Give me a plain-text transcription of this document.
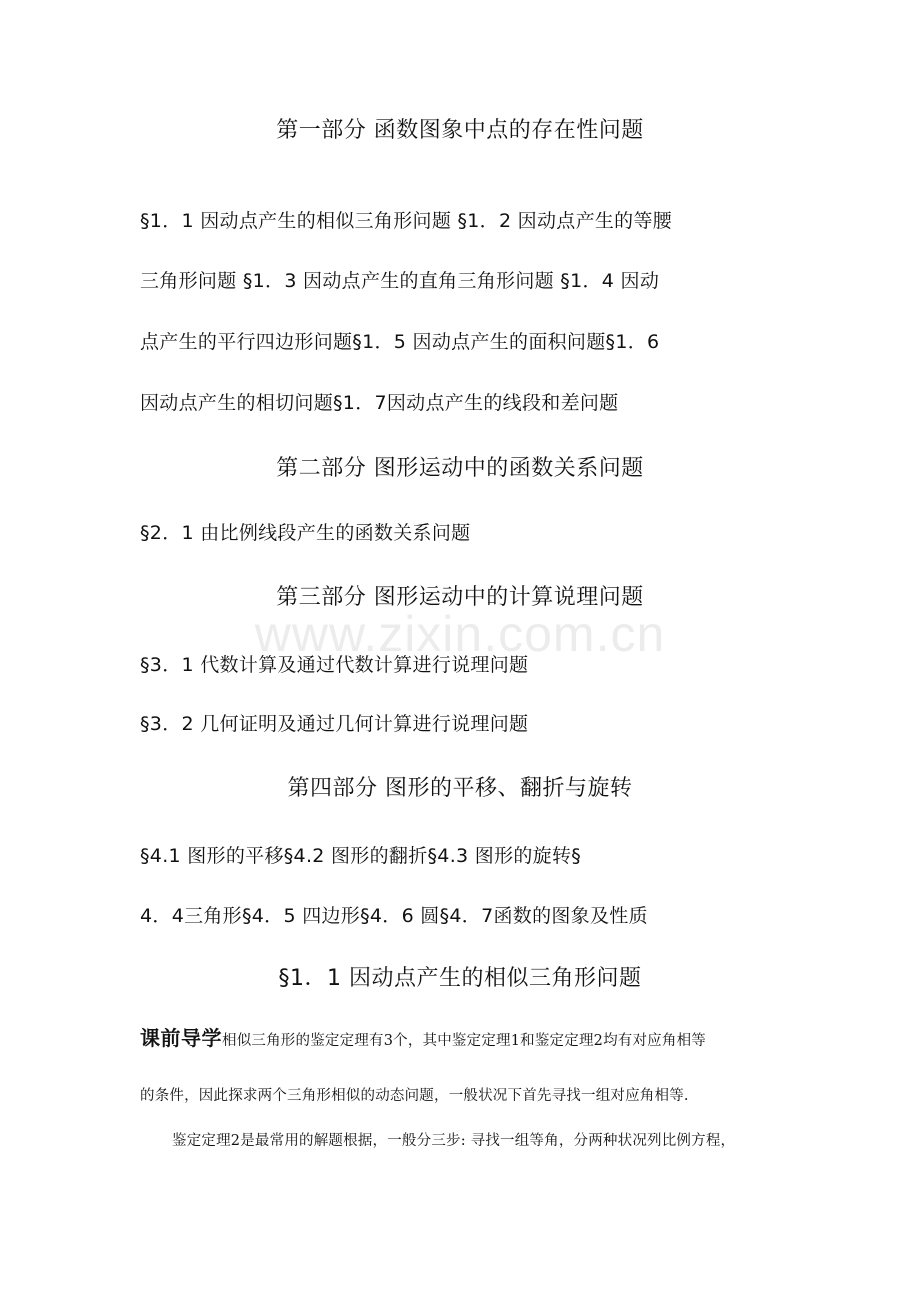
www.zixin.com.cn
第一部分 函数图象中点的存在性问题
§1．1 因动点产生的相似三角形问题 §1．2 因动点产生的等腰
三角形问题 §1．3 因动点产生的直角三角形问题 §1．4 因动
点产生的平行四边形问题§1．5 因动点产生的面积问题§1．6
因动点产生的相切问题§1．7因动点产生的线段和差问题
第二部分 图形运动中的函数关系问题
§2．1 由比例线段产生的函数关系问题
第三部分 图形运动中的计算说理问题
§3．1 代数计算及通过代数计算进行说理问题
§3．2 几何证明及通过几何计算进行说理问题
第四部分 图形的平移、翻折与旋转
§4.1 图形的平移§4.2 图形的翻折§4.3 图形的旋转§
4．4三角形§4．5 四边形§4．6 圆§4．7函数的图象及性质
§1．1 因动点产生的相似三角形问题
课前导学相似三角形的鉴定定理有3个，其中鉴定定理1和鉴定定理2均有对应角相等
的条件，因此探求两个三角形相似的动态问题，一般状况下首先寻找一组对应角相等.
鉴定定理2是最常用的解题根据，一般分三步: 寻找一组等角，分两种状况列比例方程，
